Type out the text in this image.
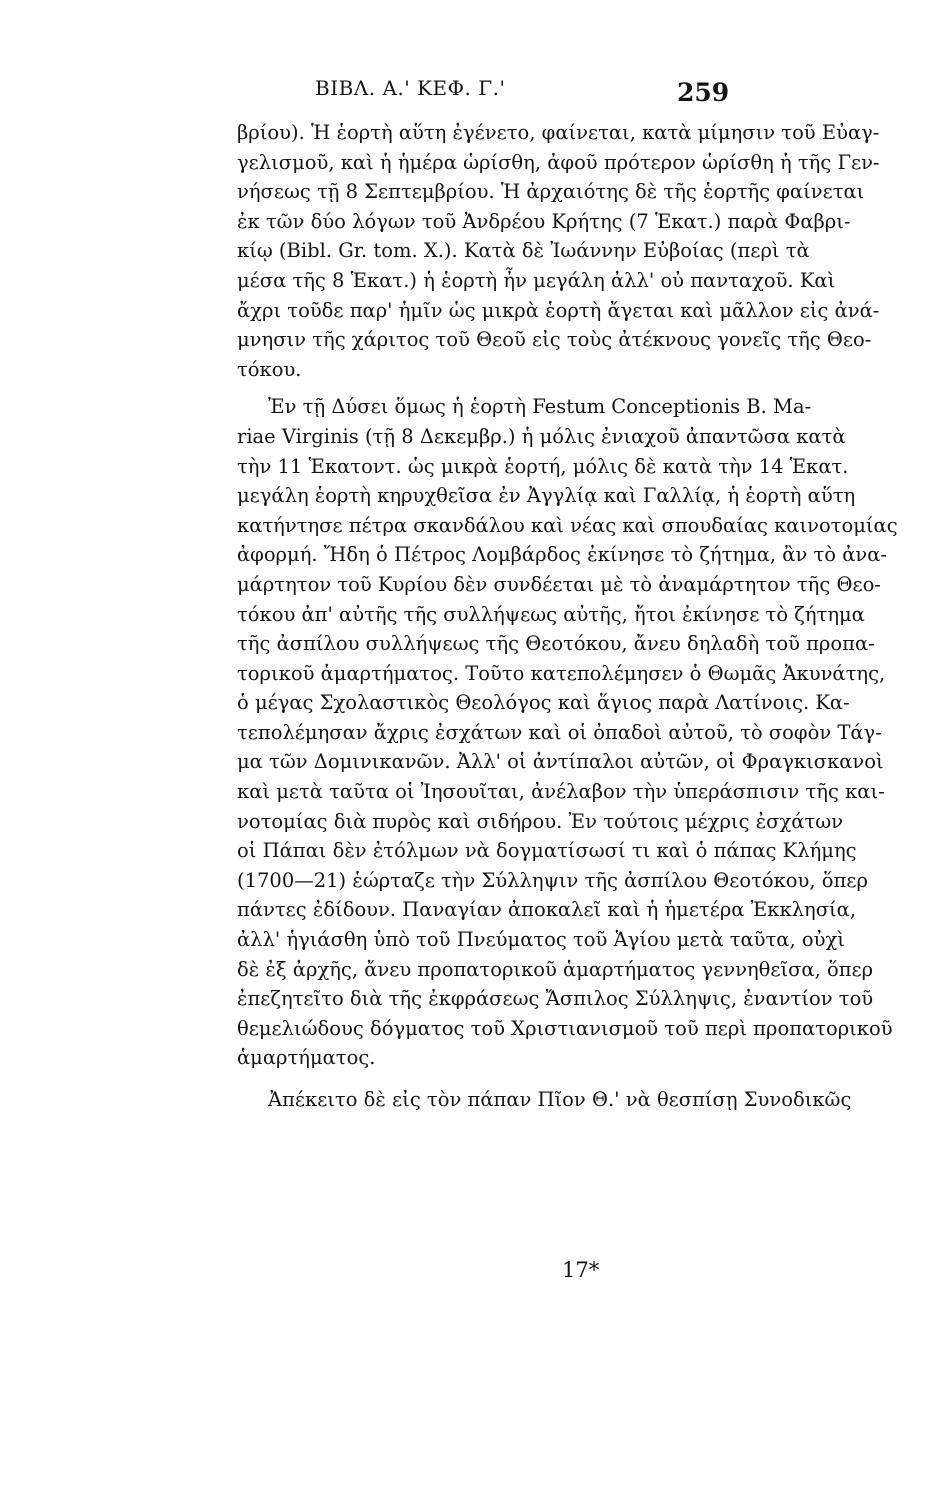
ΒΙΒΛ. Α.' ΚΕΦ. Γ.'	259
βρίου). Ἡ ἑορτὴ αὕτη ἐγένετο, φαίνεται, κατὰ μίμησιν τοῦ Εὐαγ-
γελισμοῦ, καὶ ἡ ἡμέρα ὡρίσθη, ἀφοῦ πρότερον ὡρίσθη ἡ τῆς Γεν-
νήσεως τῇ 8 Σεπτεμβρίου. Ἡ ἀρχαιότης δὲ τῆς ἑορτῆς φαίνεται
ἐκ τῶν δύο λόγων τοῦ Ἀνδρέου Κρήτης (7 Ἑκατ.) παρὰ Φαβρι-
κίῳ (Bibl. Gr. tom. X.). Κατὰ δὲ Ἰωάννην Εὐβοίας (περὶ τὰ
μέσα τῆς 8 Ἑκατ.) ἡ ἑορτὴ ἦν μεγάλη ἀλλ' οὐ πανταχοῦ. Καὶ
ἄχρι τοῦδε παρ' ἡμῖν ὡς μικρὰ ἑορτὴ ἄγεται καὶ μᾶλλον εἰς ἀνά-
μνησιν τῆς χάριτος τοῦ Θεοῦ εἰς τοὺς ἀτέκνους γονεῖς τῆς Θεο-
τόκου.
Ἐν τῇ Δύσει ὅμως ἡ ἑορτὴ Festum Conceptionis B. Ma-
riae Virginis (τῇ 8 Δεκεμβρ.) ἡ μόλις ἐνιαχοῦ ἀπαντῶσα κατὰ
τὴν 11 Ἑκατοντ. ὡς μικρὰ ἑορτή, μόλις δὲ κατὰ τὴν 14 Ἑκατ.
μεγάλη ἑορτὴ κηρυχθεῖσα ἐν Ἀγγλίᾳ καὶ Γαλλίᾳ, ἡ ἑορτὴ αὕτη
κατήντησε πέτρα σκανδάλου καὶ νέας καὶ σπουδαίας καινοτομίας
ἀφορμή. Ἤδη ὁ Πέτρος Λομβάρδος ἐκίνησε τὸ ζήτημα, ἂν τὸ ἀνα-
μάρτητον τοῦ Κυρίου δὲν συνδέεται μὲ τὸ ἀναμάρτητον τῆς Θεο-
τόκου ἀπ' αὐτῆς τῆς συλλήψεως αὐτῆς, ἤτοι ἐκίνησε τὸ ζήτημα
τῆς ἀσπίλου συλλήψεως τῆς Θεοτόκου, ἄνευ δηλαδὴ τοῦ προπα-
τορικοῦ ἁμαρτήματος. Τοῦτο κατεπολέμησεν ὁ Θωμᾶς Ἀκυνάτης,
ὁ μέγας Σχολαστικὸς Θεολόγος καὶ ἅγιος παρὰ Λατίνοις. Κα-
τεπολέμησαν ἄχρις ἐσχάτων καὶ οἱ ὀπαδοὶ αὐτοῦ, τὸ σοφὸν Τάγ-
μα τῶν Δομινικανῶν. Ἀλλ' οἱ ἀντίπαλοι αὐτῶν, οἱ Φραγκισκανοὶ
καὶ μετὰ ταῦτα οἱ Ἰησουῖται, ἀνέλαβον τὴν ὑπεράσπισιν τῆς και-
νοτομίας διὰ πυρὸς καὶ σιδήρου. Ἐν τούτοις μέχρις ἐσχάτων
οἱ Πάπαι δὲν ἐτόλμων νὰ δογματίσωσί τι καὶ ὁ πάπας Κλήμης
(1700—21) ἑώρταζε τὴν Σύλληψιν τῆς ἀσπίλου Θεοτόκου, ὅπερ
πάντες ἐδίδουν. Παναγίαν ἀποκαλεῖ καὶ ἡ ἡμετέρα Ἐκκλησία,
ἀλλ' ἡγιάσθη ὑπὸ τοῦ Πνεύματος τοῦ Ἁγίου μετὰ ταῦτα, οὐχὶ
δὲ ἐξ ἀρχῆς, ἄνευ προπατορικοῦ ἁμαρτήματος γεννηθεῖσα, ὅπερ
ἐπεζητεῖτο διὰ τῆς ἐκφράσεως Ἄσπιλος Σύλληψις, ἐναντίον τοῦ
θεμελιώδους δόγματος τοῦ Χριστιανισμοῦ τοῦ περὶ προπατορικοῦ
ἁμαρτήματος.
Ἀπέκειτο δὲ εἰς τὸν πάπαν Πῖον Θ.' νὰ θεσπίσῃ Συνοδικῶς
17*
